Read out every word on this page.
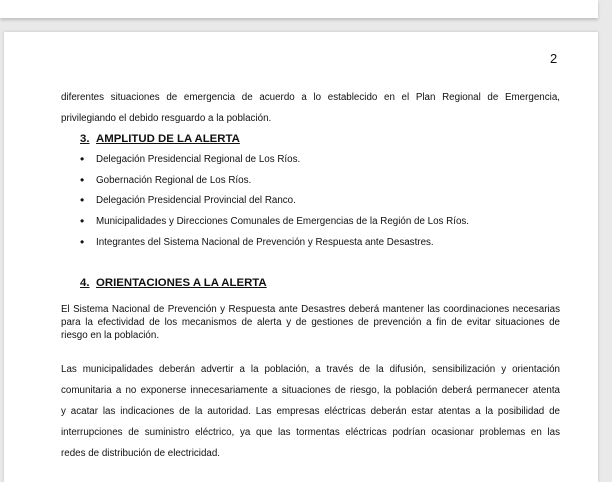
2
diferentes situaciones de emergencia de acuerdo a lo establecido en el Plan Regional de Emergencia,
privilegiando el debido resguardo a la población.
3. AMPLITUD DE LA ALERTA
• Delegación Presidencial Regional de Los Ríos.
• Gobernación Regional de Los Ríos.
• Delegación Presidencial Provincial del Ranco.
• Municipalidades y Direcciones Comunales de Emergencias de la Región de Los Ríos.
• Integrantes del Sistema Nacional de Prevención y Respuesta ante Desastres.
4. ORIENTACIONES A LA ALERTA
El Sistema Nacional de Prevención y Respuesta ante Desastres deberá mantener las coordinaciones necesarias
para la efectividad de los mecanismos de alerta y de gestiones de prevención a fin de evitar situaciones de
riesgo en la población.
Las municipalidades deberán advertir a la población, a través de la difusión, sensibilización y orientación
comunitaria a no exponerse innecesariamente a situaciones de riesgo, la población deberá permanecer atenta
y acatar las indicaciones de la autoridad. Las empresas eléctricas deberán estar atentas a la posibilidad de
interrupciones de suministro eléctrico, ya que las tormentas eléctricas podrían ocasionar problemas en las
redes de distribución de electricidad.
